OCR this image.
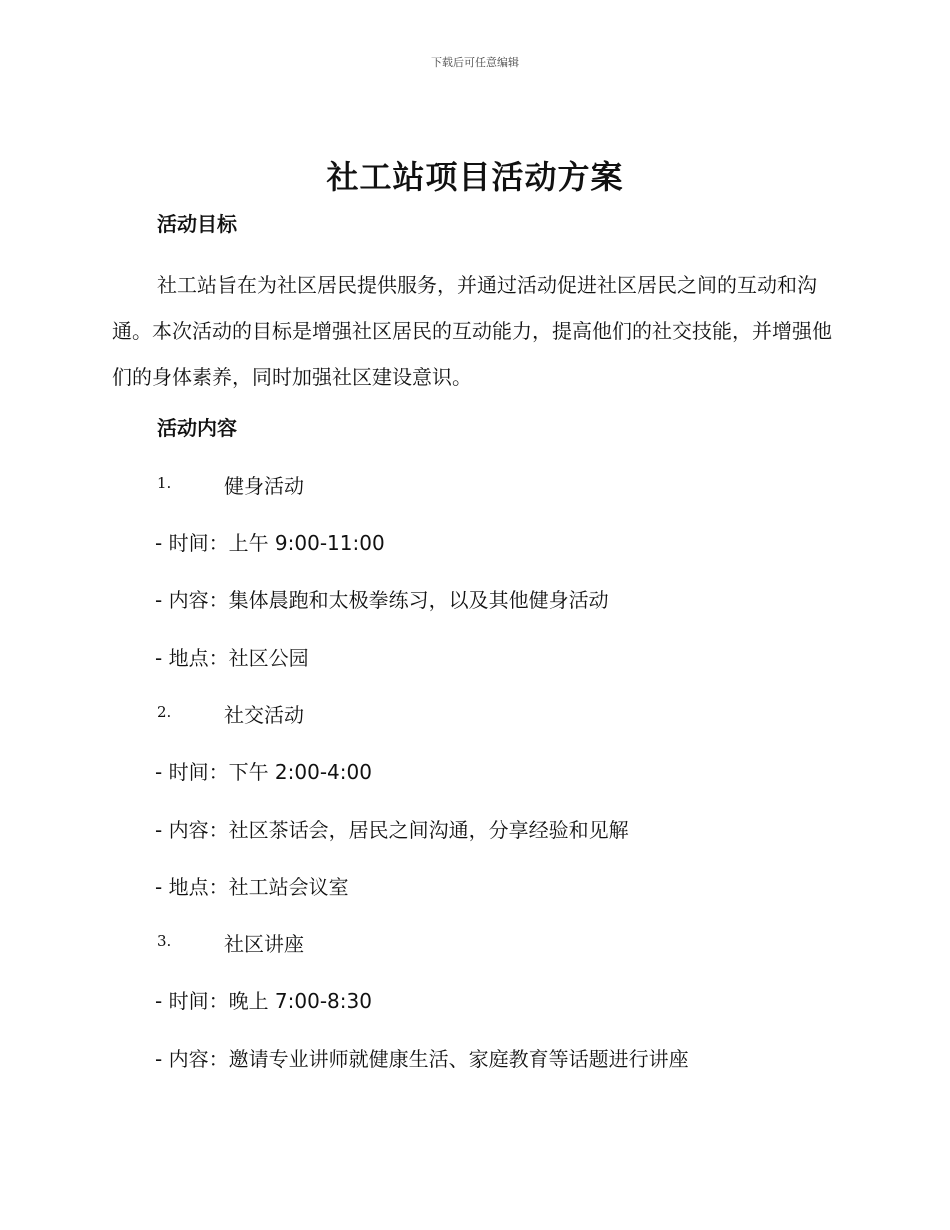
下载后可任意编辑
社工站项目活动方案
活动目标
社工站旨在为社区居民提供服务，并通过活动促进社区居民之间的互动和沟通。本次活动的目标是增强社区居民的互动能力，提高他们的社交技能，并增强他们的身体素养，同时加强社区建设意识。
活动内容
1.	健身活动
- 时间：上午 9:00-11:00
- 内容：集体晨跑和太极拳练习，以及其他健身活动
- 地点：社区公园
2.	社交活动
- 时间：下午 2:00-4:00
- 内容：社区茶话会，居民之间沟通，分享经验和见解
- 地点：社工站会议室
3.	社区讲座
- 时间：晚上 7:00-8:30
- 内容：邀请专业讲师就健康生活、家庭教育等话题进行讲座
